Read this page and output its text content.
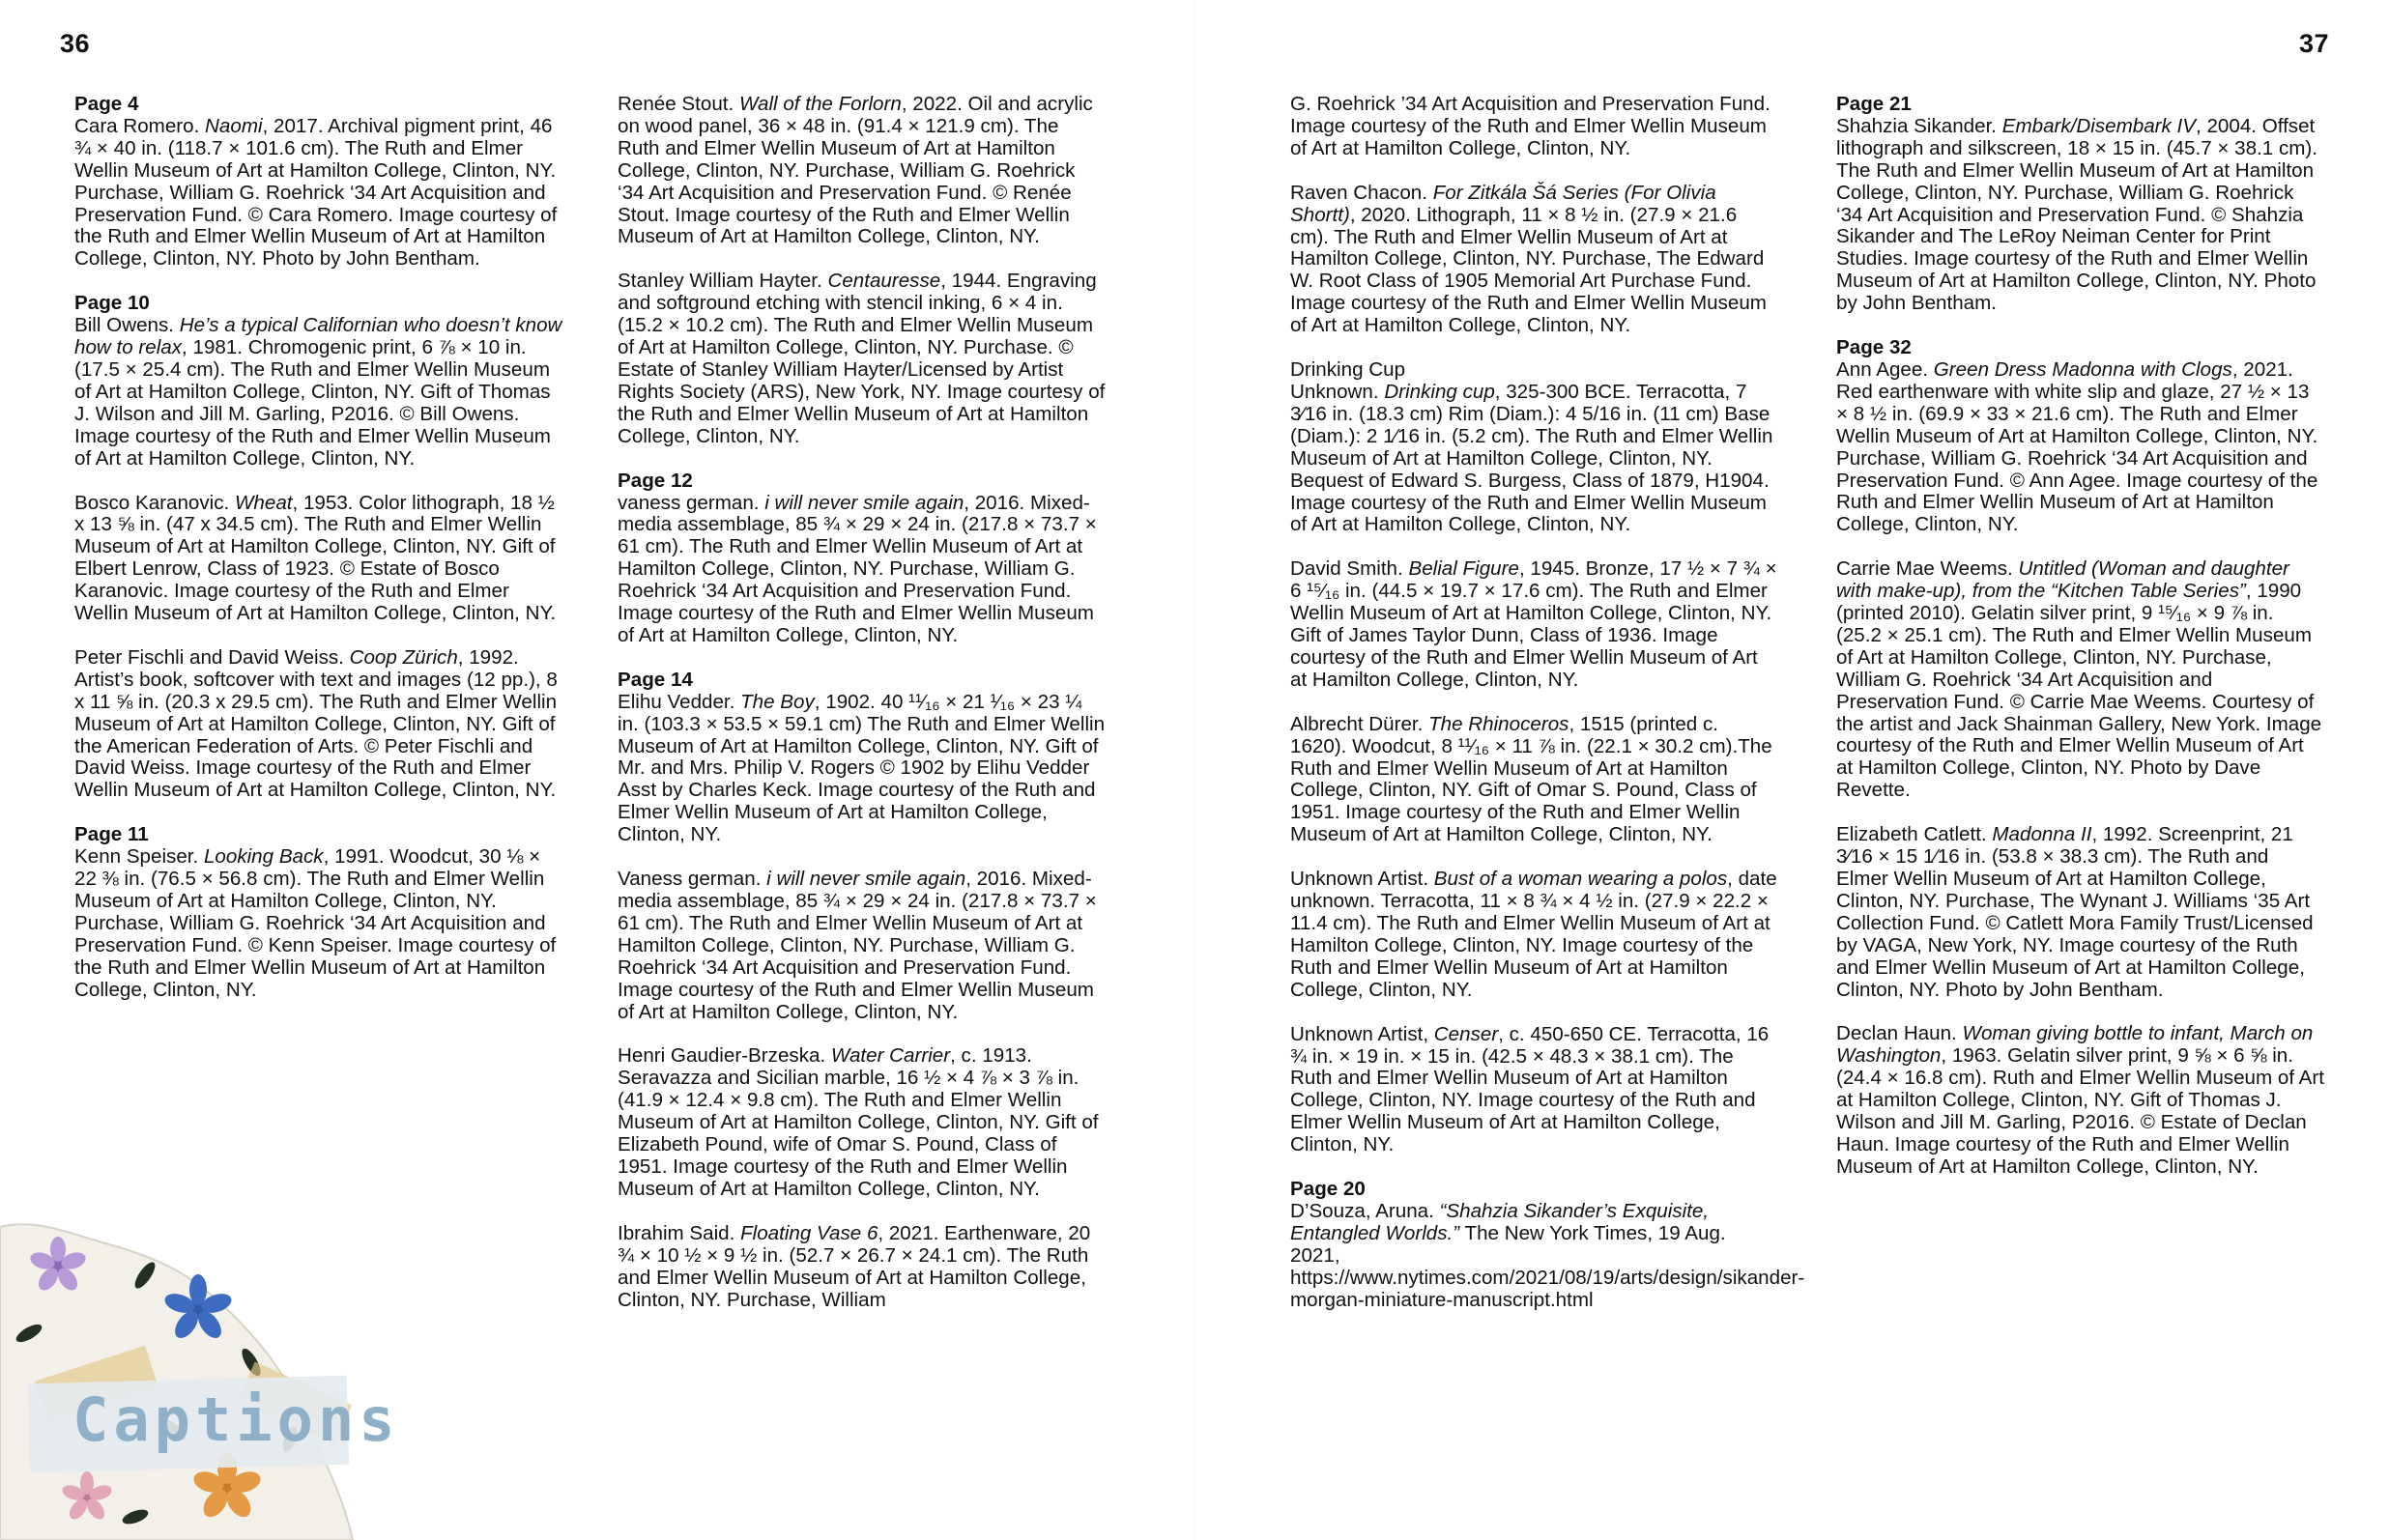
36	37

Page 4
Cara Romero. Naomi, 2017. Archival pigment print, 46 ¾ × 40 in. (118.7 × 101.6 cm). The Ruth and Elmer Wellin Museum of Art at Hamilton College, Clinton, NY. Purchase, William G. Roehrick ‘34 Art Acquisition and Preservation Fund. © Cara Romero. Image courtesy of the Ruth and Elmer Wellin Museum of Art at Hamilton College, Clinton, NY. Photo by John Bentham.

Page 10
Bill Owens. He’s a typical Californian who doesn’t know how to relax, 1981. Chromogenic print, 6 ⅞ × 10 in. (17.5 × 25.4 cm). The Ruth and Elmer Wellin Museum of Art at Hamilton College, Clinton, NY. Gift of Thomas J. Wilson and Jill M. Garling, P2016. © Bill Owens. Image courtesy of the Ruth and Elmer Wellin Museum of Art at Hamilton College, Clinton, NY.

Bosco Karanovic. Wheat, 1953. Color lithograph, 18 ½ x 13 ⅝ in. (47 x 34.5 cm). The Ruth and Elmer Wellin Museum of Art at Hamilton College, Clinton, NY. Gift of Elbert Lenrow, Class of 1923. © Estate of Bosco Karanovic. Image courtesy of the Ruth and Elmer Wellin Museum of Art at Hamilton College, Clinton, NY.

Peter Fischli and David Weiss. Coop Zürich, 1992. Artist’s book, softcover with text and images (12 pp.), 8 x 11 ⅝ in. (20.3 x 29.5 cm). The Ruth and Elmer Wellin Museum of Art at Hamilton College, Clinton, NY. Gift of the American Federation of Arts. © Peter Fischli and David Weiss. Image courtesy of the Ruth and Elmer Wellin Museum of Art at Hamilton College, Clinton, NY.

Page 11
Kenn Speiser. Looking Back, 1991. Woodcut, 30 ⅛ × 22 ⅜ in. (76.5 × 56.8 cm). The Ruth and Elmer Wellin Museum of Art at Hamilton College, Clinton, NY. Purchase, William G. Roehrick ‘34 Art Acquisition and Preservation Fund. © Kenn Speiser. Image courtesy of the Ruth and Elmer Wellin Museum of Art at Hamilton College, Clinton, NY.

Renée Stout. Wall of the Forlorn, 2022. Oil and acrylic on wood panel, 36 × 48 in. (91.4 × 121.9 cm). The Ruth and Elmer Wellin Museum of Art at Hamilton College, Clinton, NY. Purchase, William G. Roehrick ‘34 Art Acquisition and Preservation Fund. © Renée Stout. Image courtesy of the Ruth and Elmer Wellin Museum of Art at Hamilton College, Clinton, NY.

Stanley William Hayter. Centauresse, 1944. Engraving and softground etching with stencil inking, 6 × 4 in. (15.2 × 10.2 cm). The Ruth and Elmer Wellin Museum of Art at Hamilton College, Clinton, NY. Purchase. © Estate of Stanley William Hayter/Licensed by Artist Rights Society (ARS), New York, NY. Image courtesy of the Ruth and Elmer Wellin Museum of Art at Hamilton College, Clinton, NY.

Page 12
vaness german. i will never smile again, 2016. Mixed-media assemblage, 85 ¾ × 29 × 24 in. (217.8 × 73.7 × 61 cm). The Ruth and Elmer Wellin Museum of Art at Hamilton College, Clinton, NY. Purchase, William G. Roehrick ‘34 Art Acquisition and Preservation Fund. Image courtesy of the Ruth and Elmer Wellin Museum of Art at Hamilton College, Clinton, NY.

Page 14
Elihu Vedder. The Boy, 1902. 40 ¹¹⁄₁₆ × 21 ¹⁄₁₆ × 23 ¼ in. (103.3 × 53.5 × 59.1 cm) The Ruth and Elmer Wellin Museum of Art at Hamilton College, Clinton, NY. Gift of Mr. and Mrs. Philip V. Rogers © 1902 by Elihu Vedder Asst by Charles Keck. Image courtesy of the Ruth and Elmer Wellin Museum of Art at Hamilton College, Clinton, NY.

Vaness german. i will never smile again, 2016. Mixed-media assemblage, 85 ¾ × 29 × 24 in. (217.8 × 73.7 × 61 cm). The Ruth and Elmer Wellin Museum of Art at Hamilton College, Clinton, NY. Purchase, William G. Roehrick ‘34 Art Acquisition and Preservation Fund. Image courtesy of the Ruth and Elmer Wellin Museum of Art at Hamilton College, Clinton, NY.

Henri Gaudier-Brzeska. Water Carrier, c. 1913. Seravazza and Sicilian marble, 16 ½ × 4 ⅞ × 3 ⅞ in. (41.9 × 12.4 × 9.8 cm). The Ruth and Elmer Wellin Museum of Art at Hamilton College, Clinton, NY. Gift of Elizabeth Pound, wife of Omar S. Pound, Class of 1951. Image courtesy of the Ruth and Elmer Wellin Museum of Art at Hamilton College, Clinton, NY.

Ibrahim Said. Floating Vase 6, 2021. Earthenware, 20 ¾ × 10 ½ × 9 ½ in. (52.7 × 26.7 × 24.1 cm). The Ruth and Elmer Wellin Museum of Art at Hamilton College, Clinton, NY. Purchase, William

G. Roehrick ’34 Art Acquisition and Preservation Fund. Image courtesy of the Ruth and Elmer Wellin Museum of Art at Hamilton College, Clinton, NY.

Raven Chacon. For Zitkála Šá Series (For Olivia Shortt), 2020. Lithograph, 11 × 8 ½ in. (27.9 × 21.6 cm). The Ruth and Elmer Wellin Museum of Art at Hamilton College, Clinton, NY. Purchase, The Edward W. Root Class of 1905 Memorial Art Purchase Fund. Image courtesy of the Ruth and Elmer Wellin Museum of Art at Hamilton College, Clinton, NY.

Drinking Cup
Unknown. Drinking cup, 325-300 BCE. Terracotta, 7 3⁄16 in. (18.3 cm) Rim (Diam.): 4 5/16 in. (11 cm) Base (Diam.): 2 1⁄16 in. (5.2 cm). The Ruth and Elmer Wellin Museum of Art at Hamilton College, Clinton, NY. Bequest of Edward S. Burgess, Class of 1879, H1904. Image courtesy of the Ruth and Elmer Wellin Museum of Art at Hamilton College, Clinton, NY.

David Smith. Belial Figure, 1945. Bronze, 17 ½ × 7 ¾ × 6 ¹⁵⁄₁₆ in. (44.5 × 19.7 × 17.6 cm). The Ruth and Elmer Wellin Museum of Art at Hamilton College, Clinton, NY. Gift of James Taylor Dunn, Class of 1936. Image courtesy of the Ruth and Elmer Wellin Museum of Art at Hamilton College, Clinton, NY.

Albrecht Dürer. The Rhinoceros, 1515 (printed c. 1620). Woodcut, 8 ¹¹⁄₁₆ × 11 ⅞ in. (22.1 × 30.2 cm).The Ruth and Elmer Wellin Museum of Art at Hamilton College, Clinton, NY. Gift of Omar S. Pound, Class of 1951. Image courtesy of the Ruth and Elmer Wellin Museum of Art at Hamilton College, Clinton, NY.

Unknown Artist. Bust of a woman wearing a polos, date unknown. Terracotta, 11 × 8 ¾ × 4 ½ in. (27.9 × 22.2 × 11.4 cm). The Ruth and Elmer Wellin Museum of Art at Hamilton College, Clinton, NY. Image courtesy of the Ruth and Elmer Wellin Museum of Art at Hamilton College, Clinton, NY.

Unknown Artist, Censer, c. 450-650 CE. Terracotta, 16 ¾ in. × 19 in. × 15 in. (42.5 × 48.3 × 38.1 cm). The Ruth and Elmer Wellin Museum of Art at Hamilton College, Clinton, NY. Image courtesy of the Ruth and Elmer Wellin Museum of Art at Hamilton College, Clinton, NY.

Page 20
D’Souza, Aruna. “Shahzia Sikander’s Exquisite, Entangled Worlds.” The New York Times, 19 Aug. 2021, https://www.nytimes.com/2021/08/19/arts/design/sikander-morgan-miniature-manuscript.html

Page 21
Shahzia Sikander. Embark/Disembark IV, 2004. Offset lithograph and silkscreen, 18 × 15 in. (45.7 × 38.1 cm). The Ruth and Elmer Wellin Museum of Art at Hamilton College, Clinton, NY. Purchase, William G. Roehrick ‘34 Art Acquisition and Preservation Fund. © Shahzia Sikander and The LeRoy Neiman Center for Print Studies. Image courtesy of the Ruth and Elmer Wellin Museum of Art at Hamilton College, Clinton, NY. Photo by John Bentham.

Page 32
Ann Agee. Green Dress Madonna with Clogs, 2021. Red earthenware with white slip and glaze, 27 ½ × 13 × 8 ½ in. (69.9 × 33 × 21.6 cm). The Ruth and Elmer Wellin Museum of Art at Hamilton College, Clinton, NY. Purchase, William G. Roehrick ‘34 Art Acquisition and Preservation Fund. © Ann Agee. Image courtesy of the Ruth and Elmer Wellin Museum of Art at Hamilton College, Clinton, NY.

Carrie Mae Weems. Untitled (Woman and daughter with make-up), from the “Kitchen Table Series”, 1990 (printed 2010). Gelatin silver print, 9 ¹⁵⁄₁₆ × 9 ⅞ in. (25.2 × 25.1 cm). The Ruth and Elmer Wellin Museum of Art at Hamilton College, Clinton, NY. Purchase, William G. Roehrick ‘34 Art Acquisition and Preservation Fund. © Carrie Mae Weems. Courtesy of the artist and Jack Shainman Gallery, New York. Image courtesy of the Ruth and Elmer Wellin Museum of Art at Hamilton College, Clinton, NY. Photo by Dave Revette.

Elizabeth Catlett. Madonna II, 1992. Screenprint, 21 3⁄16 × 15 1⁄16 in. (53.8 × 38.3 cm). The Ruth and Elmer Wellin Museum of Art at Hamilton College, Clinton, NY. Purchase, The Wynant J. Williams ‘35 Art Collection Fund. © Catlett Mora Family Trust/Licensed by VAGA, New York, NY. Image courtesy of the Ruth and Elmer Wellin Museum of Art at Hamilton College, Clinton, NY. Photo by John Bentham.

Declan Haun. Woman giving bottle to infant, March on Washington, 1963. Gelatin silver print, 9 ⅝ × 6 ⅝ in. (24.4 × 16.8 cm). Ruth and Elmer Wellin Museum of Art at Hamilton College, Clinton, NY. Gift of Thomas J. Wilson and Jill M. Garling, P2016. © Estate of Declan Haun. Image courtesy of the Ruth and Elmer Wellin Museum of Art at Hamilton College, Clinton, NY.

Captions
